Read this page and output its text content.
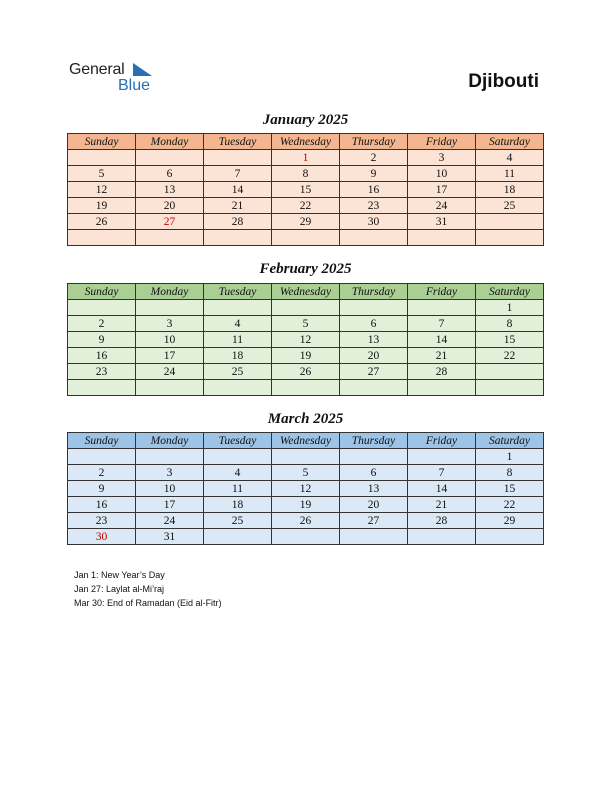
General
Blue	Djibouti
January 2025
Sunday	Monday	Tuesday	Wednesday	Thursday	Friday	Saturday
			1	2	3	4
5	6	7	8	9	10	11
12	13	14	15	16	17	18
19	20	21	22	23	24	25
26	27	28	29	30	31	

February 2025
Sunday	Monday	Tuesday	Wednesday	Thursday	Friday	Saturday
						1
2	3	4	5	6	7	8
9	10	11	12	13	14	15
16	17	18	19	20	21	22
23	24	25	26	27	28	

March 2025
Sunday	Monday	Tuesday	Wednesday	Thursday	Friday	Saturday
						1
2	3	4	5	6	7	8
9	10	11	12	13	14	15
16	17	18	19	20	21	22
23	24	25	26	27	28	29
30	31					
Jan 1: New Year’s Day
Jan 27: Laylat al-Mi’raj
Mar 30: End of Ramadan (Eid al-Fitr)
